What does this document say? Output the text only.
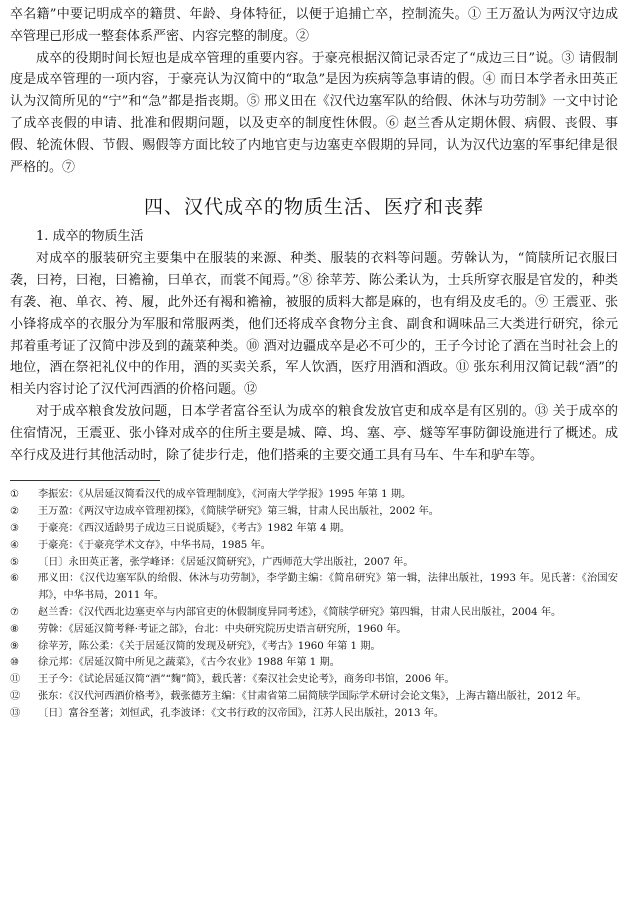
卒名籍”中要记明成卒的籍贯、年龄、身体特征，以便于追捕亡卒，控制流失。① 王万盈认为两汉守边成卒管理已形成一整套体系严密、内容完整的制度。②

成卒的役期时间长短也是成卒管理的重要内容。于豪亮根据汉简记录否定了“成边三日”说。③ 请假制度是成卒管理的一项内容，于豪亮认为汉简中的“取急”是因为疾病等急事请的假。④ 而日本学者永田英正认为汉简所见的“宁”和“急”都是指丧期。⑤ 邢义田在《汉代边塞军队的给假、休沐与功劳制》一文中讨论了成卒丧假的申请、批准和假期问题，以及吏卒的制度性休假。⑥ 赵兰香从定期休假、病假、丧假、事假、轮流休假、节假、赐假等方面比较了内地官吏与边塞吏卒假期的异同，认为汉代边塞的军事纪律是很严格的。⑦

四、汉代成卒的物质生活、医疗和丧葬
1. 成卒的物质生活

对成卒的服装研究主要集中在服装的来源、种类、服装的衣料等问题。劳榦认为，“简牍所记衣服曰袭，曰袴，曰袍，曰襜褕，曰单衣，而裳不闻焉。”⑧ 徐苹芳、陈公柔认为，士兵所穿衣服是官发的，种类有袭、袍、单衣、袴、履，此外还有褐和襜褕，被服的质料大都是麻的，也有绢及皮毛的。⑨ 王震亚、张小锋将成卒的衣服分为军服和常服两类，他们还将成卒食物分主食、副食和调味品三大类进行研究，徐元邦着重考证了汉简中涉及到的蔬菜种类。⑩ 酒对边疆成卒是必不可少的，王子今讨论了酒在当时社会上的地位，酒在祭祀礼仪中的作用，酒的买卖关系，军人饮酒，医疗用酒和酒政。⑪ 张东利用汉简记载“酒”的相关内容讨论了汉代河西酒的价格问题。⑫

对于成卒粮食发放问题，日本学者富谷至认为成卒的粮食发放官吏和成卒是有区别的。⑬ 关于成卒的住宿情况，王震亚、张小锋对成卒的住所主要是城、障、坞、塞、亭、燧等军事防御设施进行了概述。成卒行戍及进行其他活动时，除了徒步行走，他们搭乘的主要交通工具有马车、牛车和驴车等。

①	李振宏：《从居延汉简看汉代的成卒管理制度》，《河南大学学报》1995 年第 1 期。
②	王万盈：《两汉守边成卒管理初探》，《简牍学研究》第三辑，甘肃人民出版社，2002 年。
③	于豪亮：《西汉适龄男子成边三日说质疑》，《考古》1982 年第 4 期。
④	于豪亮：《于豪亮学术文存》，中华书局，1985 年。
⑤	〔日〕永田英正著，张学峰译：《居延汉简研究》，广西师范大学出版社，2007 年。
⑥	邢义田：《汉代边塞军队的给假、休沐与功劳制》，李学勤主编：《简帛研究》第一辑，法律出版社，1993 年。见氏著：《治国安邦》，中华书局，2011 年。
⑦	赵兰香：《汉代西北边塞吏卒与内部官吏的休假制度异同考述》，《简牍学研究》第四辑，甘肃人民出版社，2004 年。
⑧	劳榦：《居延汉简考释·考证之部》，台北：中央研究院历史语言研究所，1960 年。
⑨	徐苹芳，陈公柔：《关于居延汉简的发现及研究》，《考古》1960 年第 1 期。
⑩	徐元邦：《居延汉简中所见之蔬菜》，《古今农业》1988 年第 1 期。
⑪	王子今：《试论居延汉简“酒”“麴”简》，载氏著：《秦汉社会史论考》，商务印书馆，2006 年。
⑫	张东：《汉代河西酒价格考》，载张德芳主编：《甘肃省第二届简牍学国际学术研讨会论文集》，上海古籍出版社，2012 年。
⑬	〔日〕富谷至著；刘恒武，孔李波译：《文书行政的汉帝国》，江苏人民出版社，2013 年。
